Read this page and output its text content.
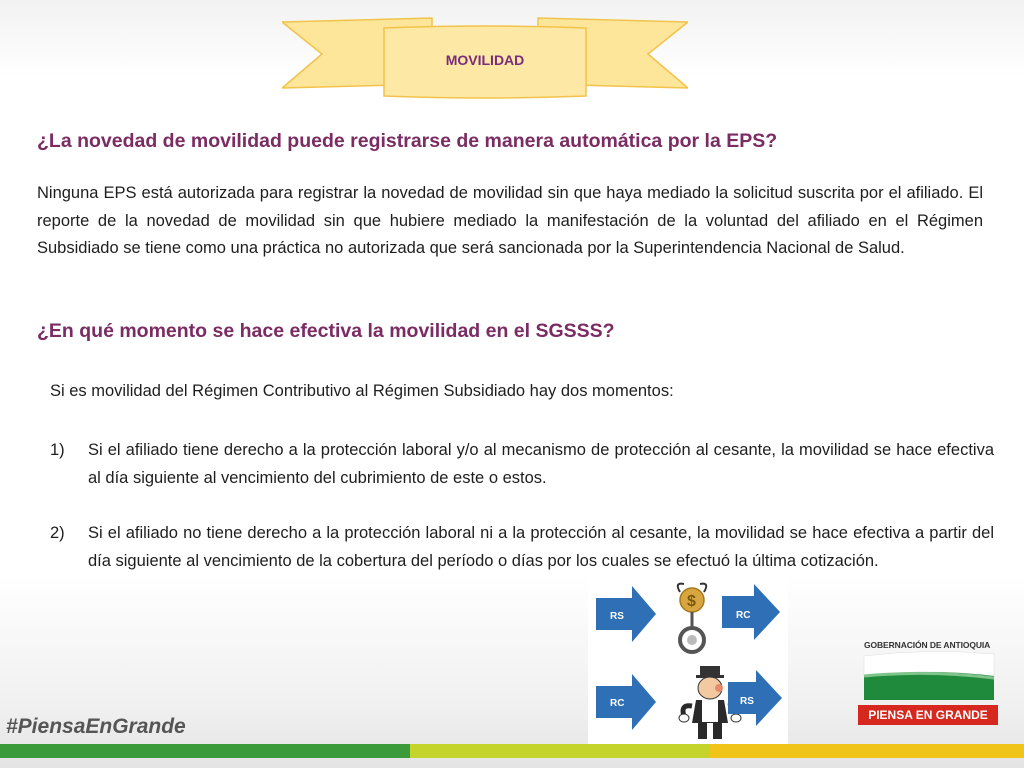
MOVILIDAD
¿La novedad de movilidad puede registrarse de manera automática por la EPS?
Ninguna EPS está autorizada para registrar la novedad de movilidad sin que haya mediado la solicitud suscrita por el afiliado. El reporte de la novedad de movilidad sin que hubiere mediado la manifestación de la voluntad del afiliado en el Régimen Subsidiado se tiene como una práctica no autorizada que será sancionada por la Superintendencia Nacional de Salud.
¿En qué momento se hace efectiva la movilidad en el SGSSS?
Si es movilidad del Régimen Contributivo al Régimen Subsidiado hay dos momentos:
1) Si el afiliado tiene derecho a la protección laboral y/o al mecanismo de protección al cesante, la movilidad se hace efectiva al día siguiente al vencimiento del cubrimiento de este o estos.
2) Si el afiliado no tiene derecho a la protección laboral ni a la protección al cesante, la movilidad se hace efectiva a partir del día siguiente al vencimiento de la cobertura del período o días por los cuales se efectuó la última cotización.
RS
$
RC
RC	RS
GOBERNACIÓN DE ANTIOQUIA
PIENSA EN GRANDE
#PiensaEnGrande
